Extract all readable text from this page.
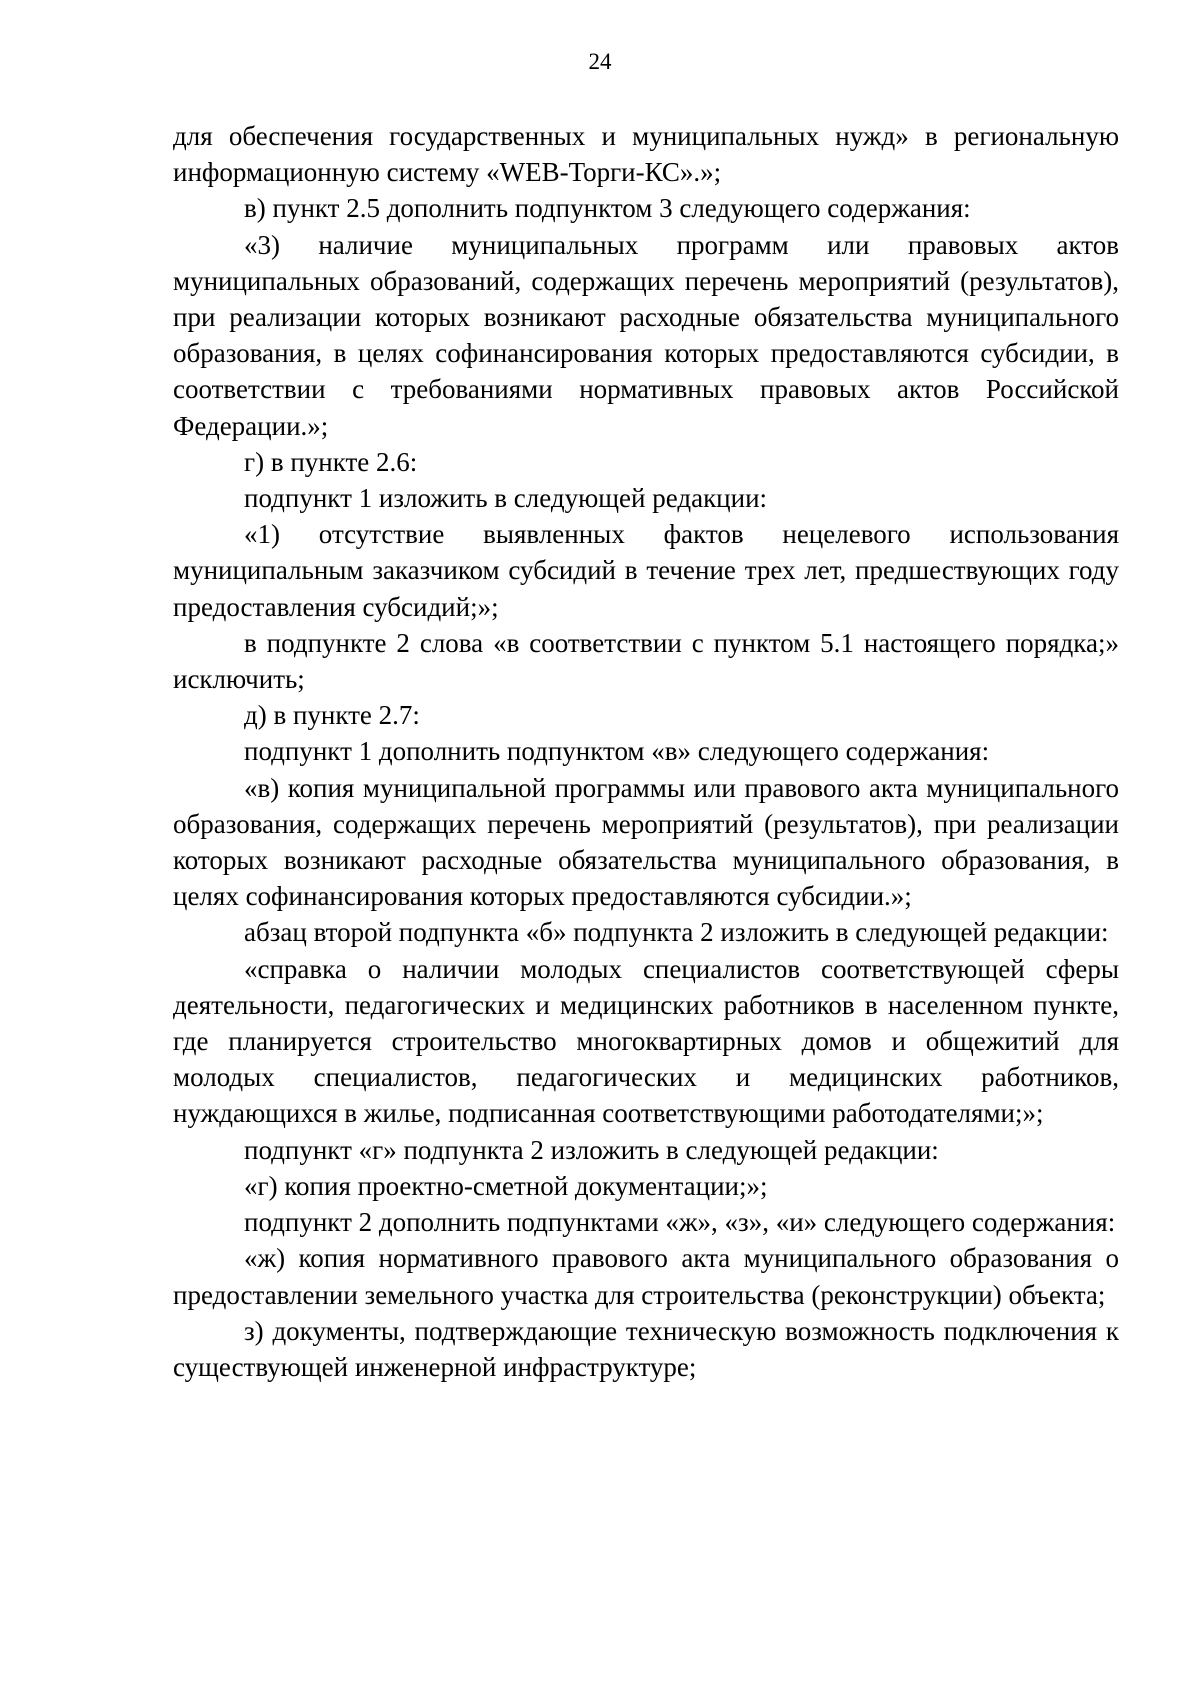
24

для обеспечения государственных и муниципальных нужд» в региональную информационную систему «WEB-Торги-КС».»;

в) пункт 2.5 дополнить подпунктом 3 следующего содержания:

«3) наличие муниципальных программ или правовых актов муниципальных образований, содержащих перечень мероприятий (результатов), при реализации которых возникают расходные обязательства муниципального образования, в целях софинансирования которых предоставляются субсидии, в соответствии с требованиями нормативных правовых актов Российской Федерации.»;

г) в пункте 2.6:

подпункт 1 изложить в следующей редакции:

«1) отсутствие выявленных фактов нецелевого использования муниципальным заказчиком субсидий в течение трех лет, предшествующих году предоставления субсидий;»;

в подпункте 2 слова «в соответствии с пунктом 5.1 настоящего порядка;» исключить;

д) в пункте 2.7:

подпункт 1 дополнить подпунктом «в» следующего содержания:

«в) копия муниципальной программы или правового акта муниципального образования, содержащих перечень мероприятий (результатов), при реализации которых возникают расходные обязательства муниципального образования, в целях софинансирования которых предоставляются субсидии.»;

абзац второй подпункта «б» подпункта 2 изложить в следующей редакции:

«справка о наличии молодых специалистов соответствующей сферы деятельности, педагогических и медицинских работников в населенном пункте, где планируется строительство многоквартирных домов и общежитий для молодых специалистов, педагогических и медицинских работников, нуждающихся в жилье, подписанная соответствующими работодателями;»;

подпункт «г» подпункта 2 изложить в следующей редакции:

«г) копия проектно-сметной документации;»;

подпункт 2 дополнить подпунктами «ж», «з», «и» следующего содержания:

«ж) копия нормативного правового акта муниципального образования о предоставлении земельного участка для строительства (реконструкции) объекта;

з) документы, подтверждающие техническую возможность подключения к существующей инженерной инфраструктуре;
